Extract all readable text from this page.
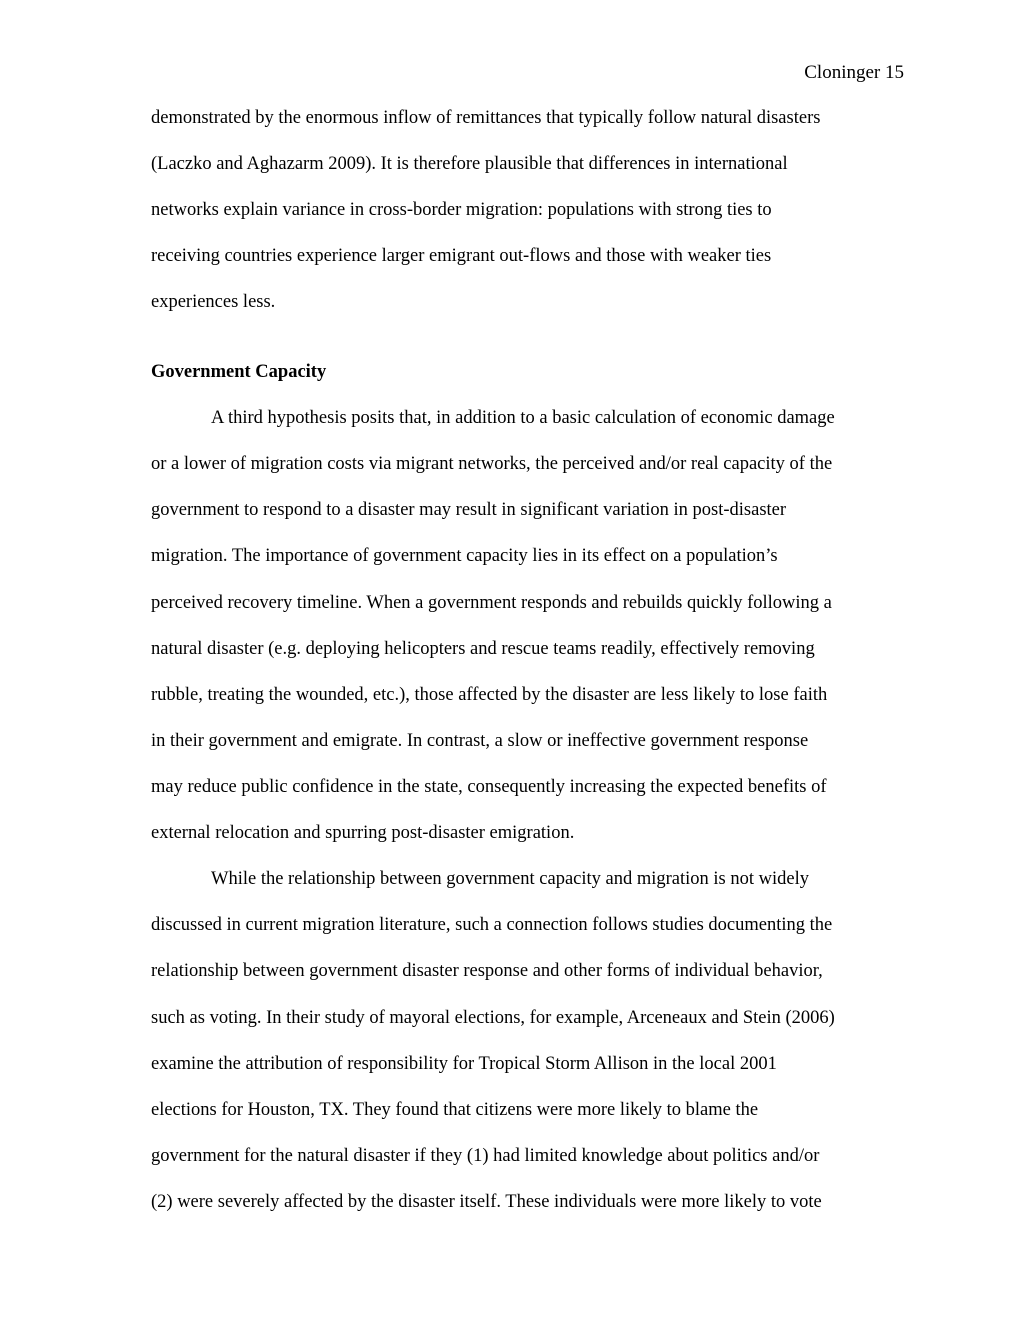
Cloninger 15
demonstrated by the enormous inflow of remittances that typically follow natural disasters
(Laczko and Aghazarm 2009). It is therefore plausible that differences in international
networks explain variance in cross-border migration: populations with strong ties to
receiving countries experience larger emigrant out-flows and those with weaker ties
experiences less.
Government Capacity
A third hypothesis posits that, in addition to a basic calculation of economic damage
or a lower of migration costs via migrant networks, the perceived and/or real capacity of the
government to respond to a disaster may result in significant variation in post-disaster
migration. The importance of government capacity lies in its effect on a population’s
perceived recovery timeline. When a government responds and rebuilds quickly following a
natural disaster (e.g. deploying helicopters and rescue teams readily, effectively removing
rubble, treating the wounded, etc.), those affected by the disaster are less likely to lose faith
in their government and emigrate. In contrast, a slow or ineffective government response
may reduce public confidence in the state, consequently increasing the expected benefits of
external relocation and spurring post-disaster emigration.
While the relationship between government capacity and migration is not widely
discussed in current migration literature, such a connection follows studies documenting the
relationship between government disaster response and other forms of individual behavior,
such as voting. In their study of mayoral elections, for example, Arceneaux and Stein (2006)
examine the attribution of responsibility for Tropical Storm Allison in the local 2001
elections for Houston, TX. They found that citizens were more likely to blame the
government for the natural disaster if they (1) had limited knowledge about politics and/or
(2) were severely affected by the disaster itself. These individuals were more likely to vote
